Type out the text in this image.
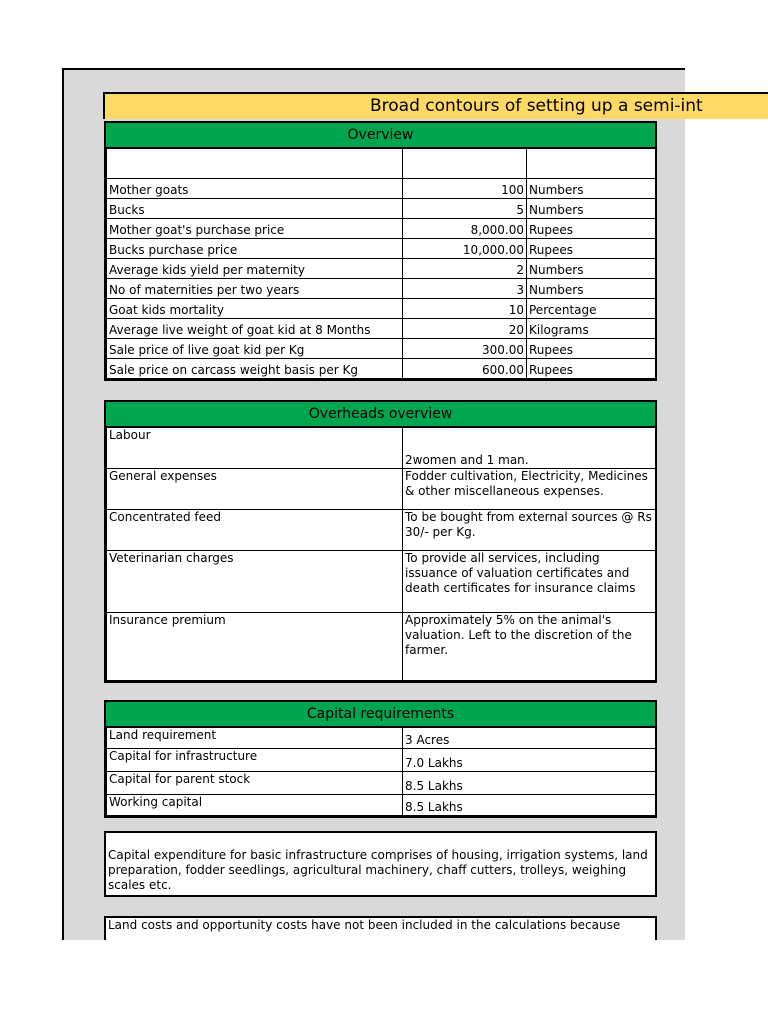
Overview

Mother goats	100	Numbers
Bucks	5	Numbers
Mother goat's purchase price	8,000.00	Rupees
Bucks purchase price	10,000.00	Rupees
Average kids yield per maternity	2	Numbers
No of maternities per two years	3	Numbers
Goat kids mortality	10	Percentage
Average live weight of goat kid at 8 Months	20	Kilograms
Sale price of live goat kid per Kg	300.00	Rupees
Sale price on carcass weight basis per Kg	600.00	Rupees
Overheads overview
Labour	2women and 1 man.
General expenses	Fodder cultivation, Electricity, Medicines & other miscellaneous expenses.
Concentrated feed	To be bought from external sources @ Rs 30/- per Kg.
Veterinarian charges	To provide all services, including issuance of valuation certificates and death certificates for insurance claims
Insurance premium	Approximately 5% on the animal's valuation. Left to the discretion of the farmer.
Capital requirements
Land requirement	3 Acres
Capital for infrastructure	7.0 Lakhs
Capital for parent stock	8.5 Lakhs
Working capital	8.5 Lakhs
Capital expenditure for basic infrastructure comprises of housing, irrigation systems, land preparation, fodder seedlings, agricultural machinery, chaff cutters, trolleys, weighing scales etc.
Land costs and opportunity costs have not been included in the calculations because
Broad contours of setting up a semi-int
